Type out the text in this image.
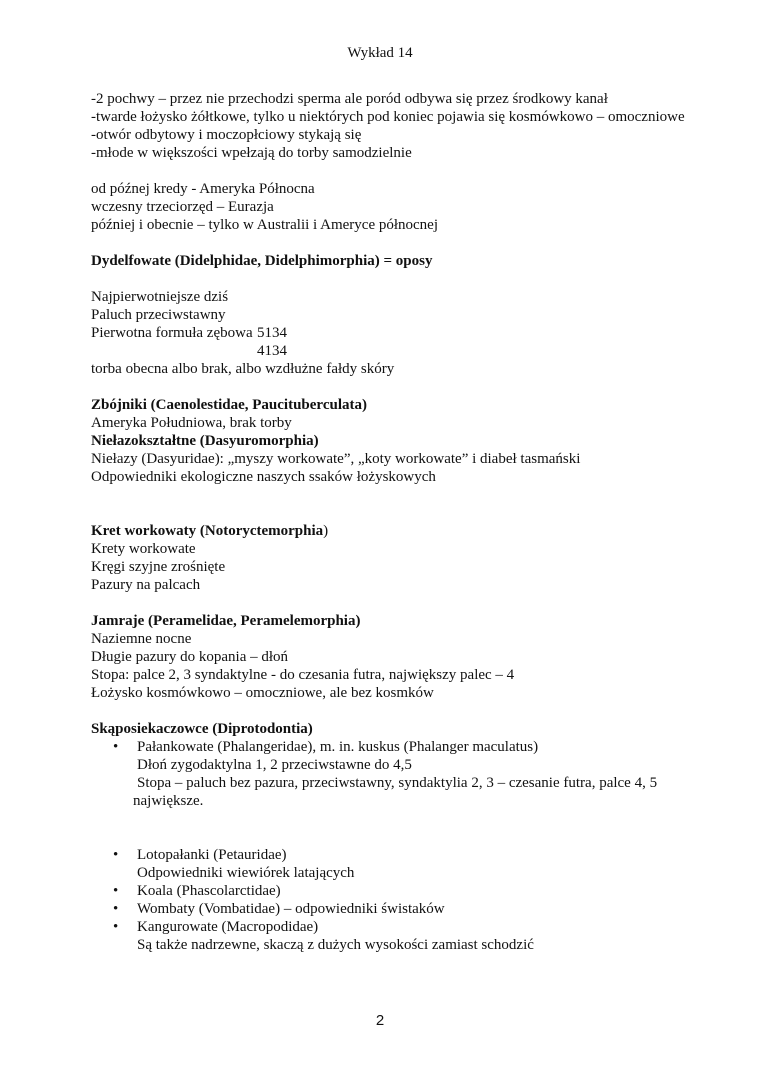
Wykład 14
-2 pochwy – przez nie przechodzi sperma ale poród odbywa się przez środkowy kanał
-twarde łożysko żółtkowe, tylko u niektórych pod koniec pojawia się kosmówkowo – omoczniowe
-otwór odbytowy i moczopłciowy stykają się
-młode w większości wpełzają do torby samodzielnie
od późnej kredy - Ameryka Północna
wczesny trzeciorzęd – Eurazja
później i obecnie – tylko w Australii i Ameryce północnej
Dydelfowate (Didelphidae, Didelphimorphia) = oposy
Najpierwotniejsze dziś
Paluch przeciwstawny
Pierwotna formuła zębowa 5134
4134
torba obecna albo brak, albo wzdłużne fałdy skóry
Zbójniki (Caenolestidae, Paucituberculata)
Ameryka Południowa, brak torby
Niełazokształtne (Dasyuromorphia)
Niełazy (Dasyuridae): „myszy workowate”, „koty workowate” i diabeł tasmański
Odpowiedniki ekologiczne naszych ssaków łożyskowych
Kret workowaty (Notoryctemorphia)
Krety workowate
Kręgi szyjne zrośnięte
Pazury na palcach
Jamraje (Peramelidae, Peramelemorphia)
Naziemne nocne
Długie pazury do kopania – dłoń
Stopa: palce 2, 3 syndaktylne - do czesania futra, największy palec – 4
Łożysko kosmówkowo – omoczniowe, ale bez kosmków
Skąposiekaczowce (Diprotodontia)
• Pałankowate (Phalangeridae), m. in. kuskus (Phalanger maculatus)
Dłoń zygodaktylna 1, 2 przeciwstawne do 4,5
Stopa – paluch bez pazura, przeciwstawny, syndaktylia 2, 3 – czesanie futra, palce 4, 5 największe.
• Lotopałanki (Petauridae)
Odpowiedniki wiewiórek latających
• Koala (Phascolarctidae)
• Wombaty (Vombatidae) – odpowiedniki świstaków
• Kangurowate (Macropodidae)
Są także nadrzewne, skaczą z dużych wysokości zamiast schodzić
2
